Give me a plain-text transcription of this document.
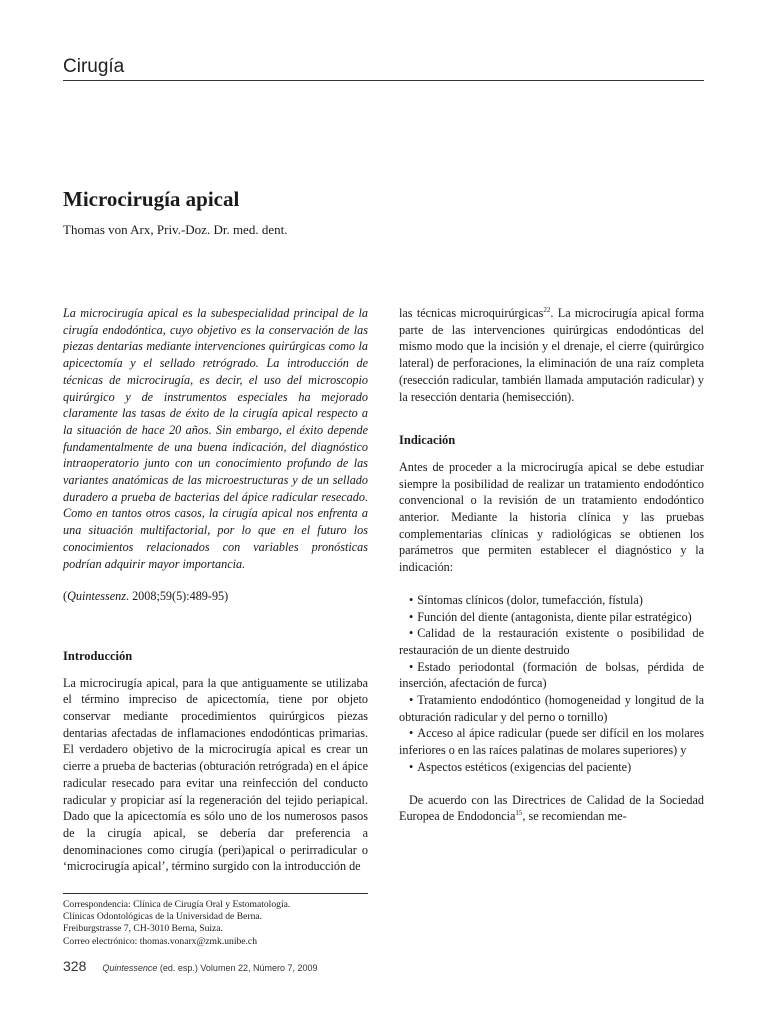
Cirugía
Microcirugía apical
Thomas von Arx, Priv.-Doz. Dr. med. dent.

La microcirugía apical es la subespecialidad principal de la cirugía endodóntica, cuyo objetivo es la conservación de las piezas dentarias mediante intervenciones quirúrgicas como la apicectomía y el sellado retrógrado. La introducción de técnicas de microcirugía, es decir, el uso del microscopio quirúrgico y de instrumentos especiales ha mejorado claramente las tasas de éxito de la cirugía apical respecto a la situación de hace 20 años. Sin embargo, el éxito depende fundamentalmente de una buena indicación, del diagnóstico intraoperatorio junto con un conocimiento profundo de las variantes anatómicas de las microestructuras y de un sellado duradero a prueba de bacterias del ápice radicular resecado. Como en tantos otros casos, la cirugía apical nos enfrenta a una situación multifactorial, por lo que en el futuro los conocimientos relacionados con variables pronósticas podrían adquirir mayor importancia.

(Quintessenz. 2008;59(5):489-95)

Introducción

La microcirugía apical, para la que antiguamente se utilizaba el término impreciso de apicectomía, tiene por objeto conservar mediante procedimientos quirúrgicos piezas dentarias afectadas de inflamaciones endodónticas primarias. El verdadero objetivo de la microcirugía apical es crear un cierre a prueba de bacterias (obturación retrógrada) en el ápice radicular resecado para evitar una reinfección del conducto radicular y propiciar así la regeneración del tejido periapical. Dado que la apicectomía es sólo uno de los numerosos pasos de la cirugía apical, se debería dar preferencia a denominaciones como cirugía (peri)apical o perirradicular o ‘microcirugía apical’, término surgido con la introducción de

las técnicas microquirúrgicas$^{22}$. La microcirugía apical forma parte de las intervenciones quirúrgicas endodónticas del mismo modo que la incisión y el drenaje, el cierre (quirúrgico lateral) de perforaciones, la eliminación de una raíz completa (resección radicular, también llamada amputación radicular) y la resección dentaria (hemisección).

Indicación

Antes de proceder a la microcirugía apical se debe estudiar siempre la posibilidad de realizar un tratamiento endodóntico convencional o la revisión de un tratamiento endodóntico anterior. Mediante la historia clínica y las pruebas complementarias clínicas y radiológicas se obtienen los parámetros que permiten establecer el diagnóstico y la indicación:

• Síntomas clínicos (dolor, tumefacción, fístula)
• Función del diente (antagonista, diente pilar estratégico)
• Calidad de la restauración existente o posibilidad de restauración de un diente destruido
• Estado periodontal (formación de bolsas, pérdida de inserción, afectación de furca)
• Tratamiento endodóntico (homogeneidad y longitud de la obturación radicular y del perno o tornillo)
• Acceso al ápice radicular (puede ser difícil en los molares inferiores o en las raíces palatinas de molares superiores) y
• Aspectos estéticos (exigencias del paciente)

De acuerdo con las Directrices de Calidad de la Sociedad Europea de Endodoncia$^{15}$, se recomiendan me-

Correspondencia: Clínica de Cirugía Oral y Estomatología.
Clínicas Odontológicas de la Universidad de Berna.
Freiburgstrasse 7, CH-3010 Berna, Suiza.
Correo electrónico: thomas.vonarx@zmk.unibe.ch
328 Quintessence (ed. esp.) Volumen 22, Número 7, 2009
